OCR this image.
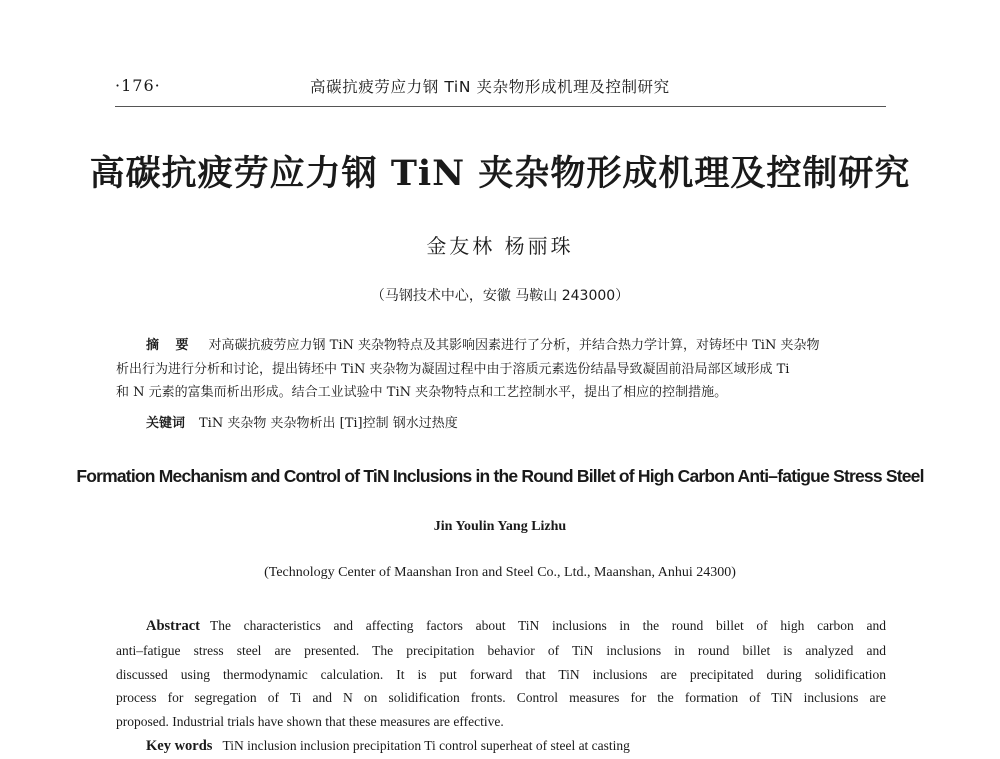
·176·	高碳抗疲劳应力钢 TiN 夹杂物形成机理及控制研究
高碳抗疲劳应力钢 TiN 夹杂物形成机理及控制研究
金友林 杨丽珠
（马钢技术中心，安徽 马鞍山 243000）
摘 要 对高碳抗疲劳应力钢 TiN 夹杂物特点及其影响因素进行了分析，并结合热力学计算，对铸坯中 TiN 夹杂物
析出行为进行分析和讨论，提出铸坯中 TiN 夹杂物为凝固过程中由于溶质元素选份结晶导致凝固前沿局部区域形成 Ti
和 N 元素的富集而析出形成。结合工业试验中 TiN 夹杂物特点和工艺控制水平，提出了相应的控制措施。
关键词 TiN 夹杂物 夹杂物析出 [Ti]控制 钢水过热度
Formation Mechanism and Control of TiN Inclusions in the Round Billet of High Carbon Anti–fatigue Stress Steel
Jin Youlin Yang Lizhu
(Technology Center of Maanshan Iron and Steel Co., Ltd., Maanshan, Anhui 24300)
Abstract The characteristics and affecting factors about TiN inclusions in the round billet of high carbon and
anti–fatigue stress steel are presented. The precipitation behavior of TiN inclusions in round billet is analyzed and
discussed using thermodynamic calculation. It is put forward that TiN inclusions are precipitated during solidification
process for segregation of Ti and N on solidification fronts. Control measures for the formation of TiN inclusions are
proposed. Industrial trials have shown that these measures are effective.
Key words TiN inclusion inclusion precipitation Ti control superheat of steel at casting
